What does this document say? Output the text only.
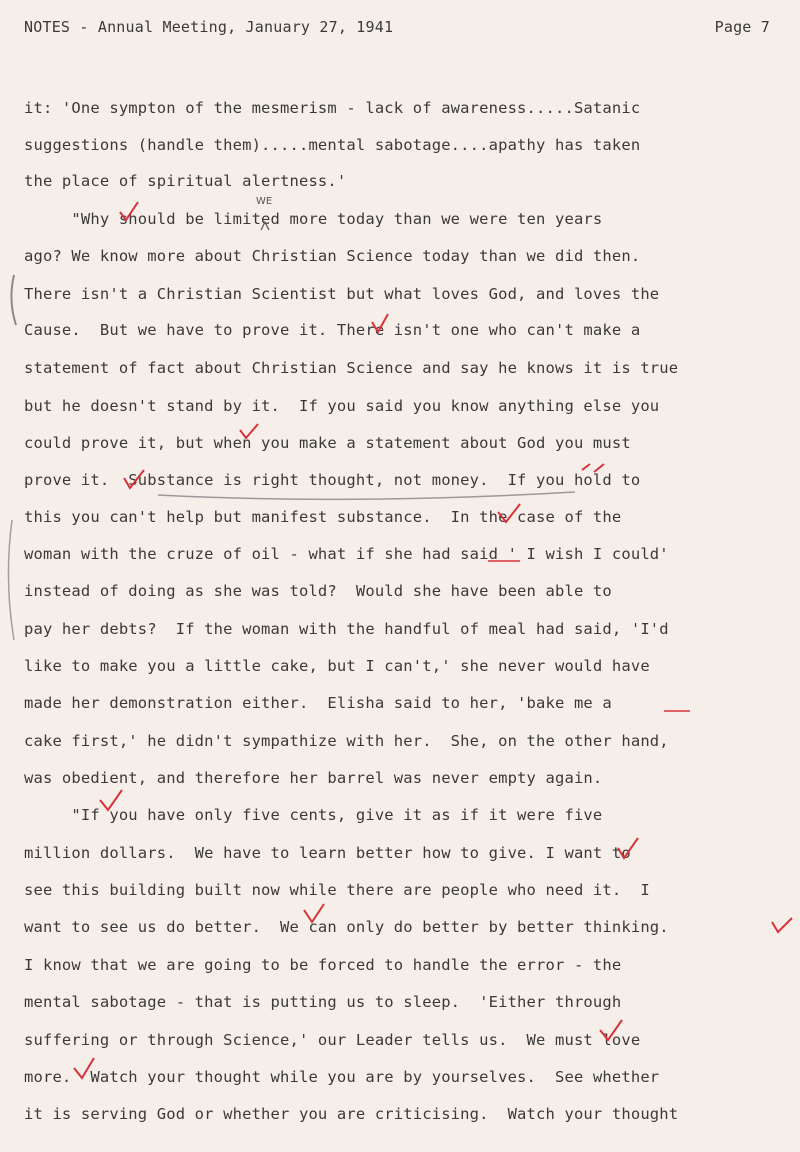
NOTES - Annual Meeting, January 27, 1941	Page 7
it: 'One sympton of the mesmerism - lack of awareness.....Satanic
suggestions (handle them).....mental sabotage....apathy has taken
the place of spiritual alertness.'
"Why should be limited more today than we were ten years
ago? We know more about Christian Science today than we did then.
There isn't a Christian Scientist but what loves God, and loves the
Cause.  But we have to prove it. There isn't one who can't make a
statement of fact about Christian Science and say he knows it is true
but he doesn't stand by it.  If you said you know anything else you
could prove it, but when you make a statement about God you must
prove it.  Substance is right thought, not money.  If you hold to
this you can't help but manifest substance.  In the case of the
woman with the cruze of oil - what if she had said ' I wish I could'
instead of doing as she was told?  Would she have been able to
pay her debts?  If the woman with the handful of meal had said, 'I'd
like to make you a little cake, but I can't,' she never would have
made her demonstration either.  Elisha said to her, 'bake me a
cake first,' he didn't sympathize with her.  She, on the other hand,
was obedient, and therefore her barrel was never empty again.
"If you have only five cents, give it as if it were five
million dollars.  We have to learn better how to give. I want to
see this building built now while there are people who need it.  I
want to see us do better.  We can only do better by better thinking.
I know that we are going to be forced to handle the error - the
mental sabotage - that is putting us to sleep.  'Either through
suffering or through Science,' our Leader tells us.  We must love
more.  Watch your thought while you are by yourselves.  See whether
it is serving God or whether you are criticising.  Watch your thought
WE
